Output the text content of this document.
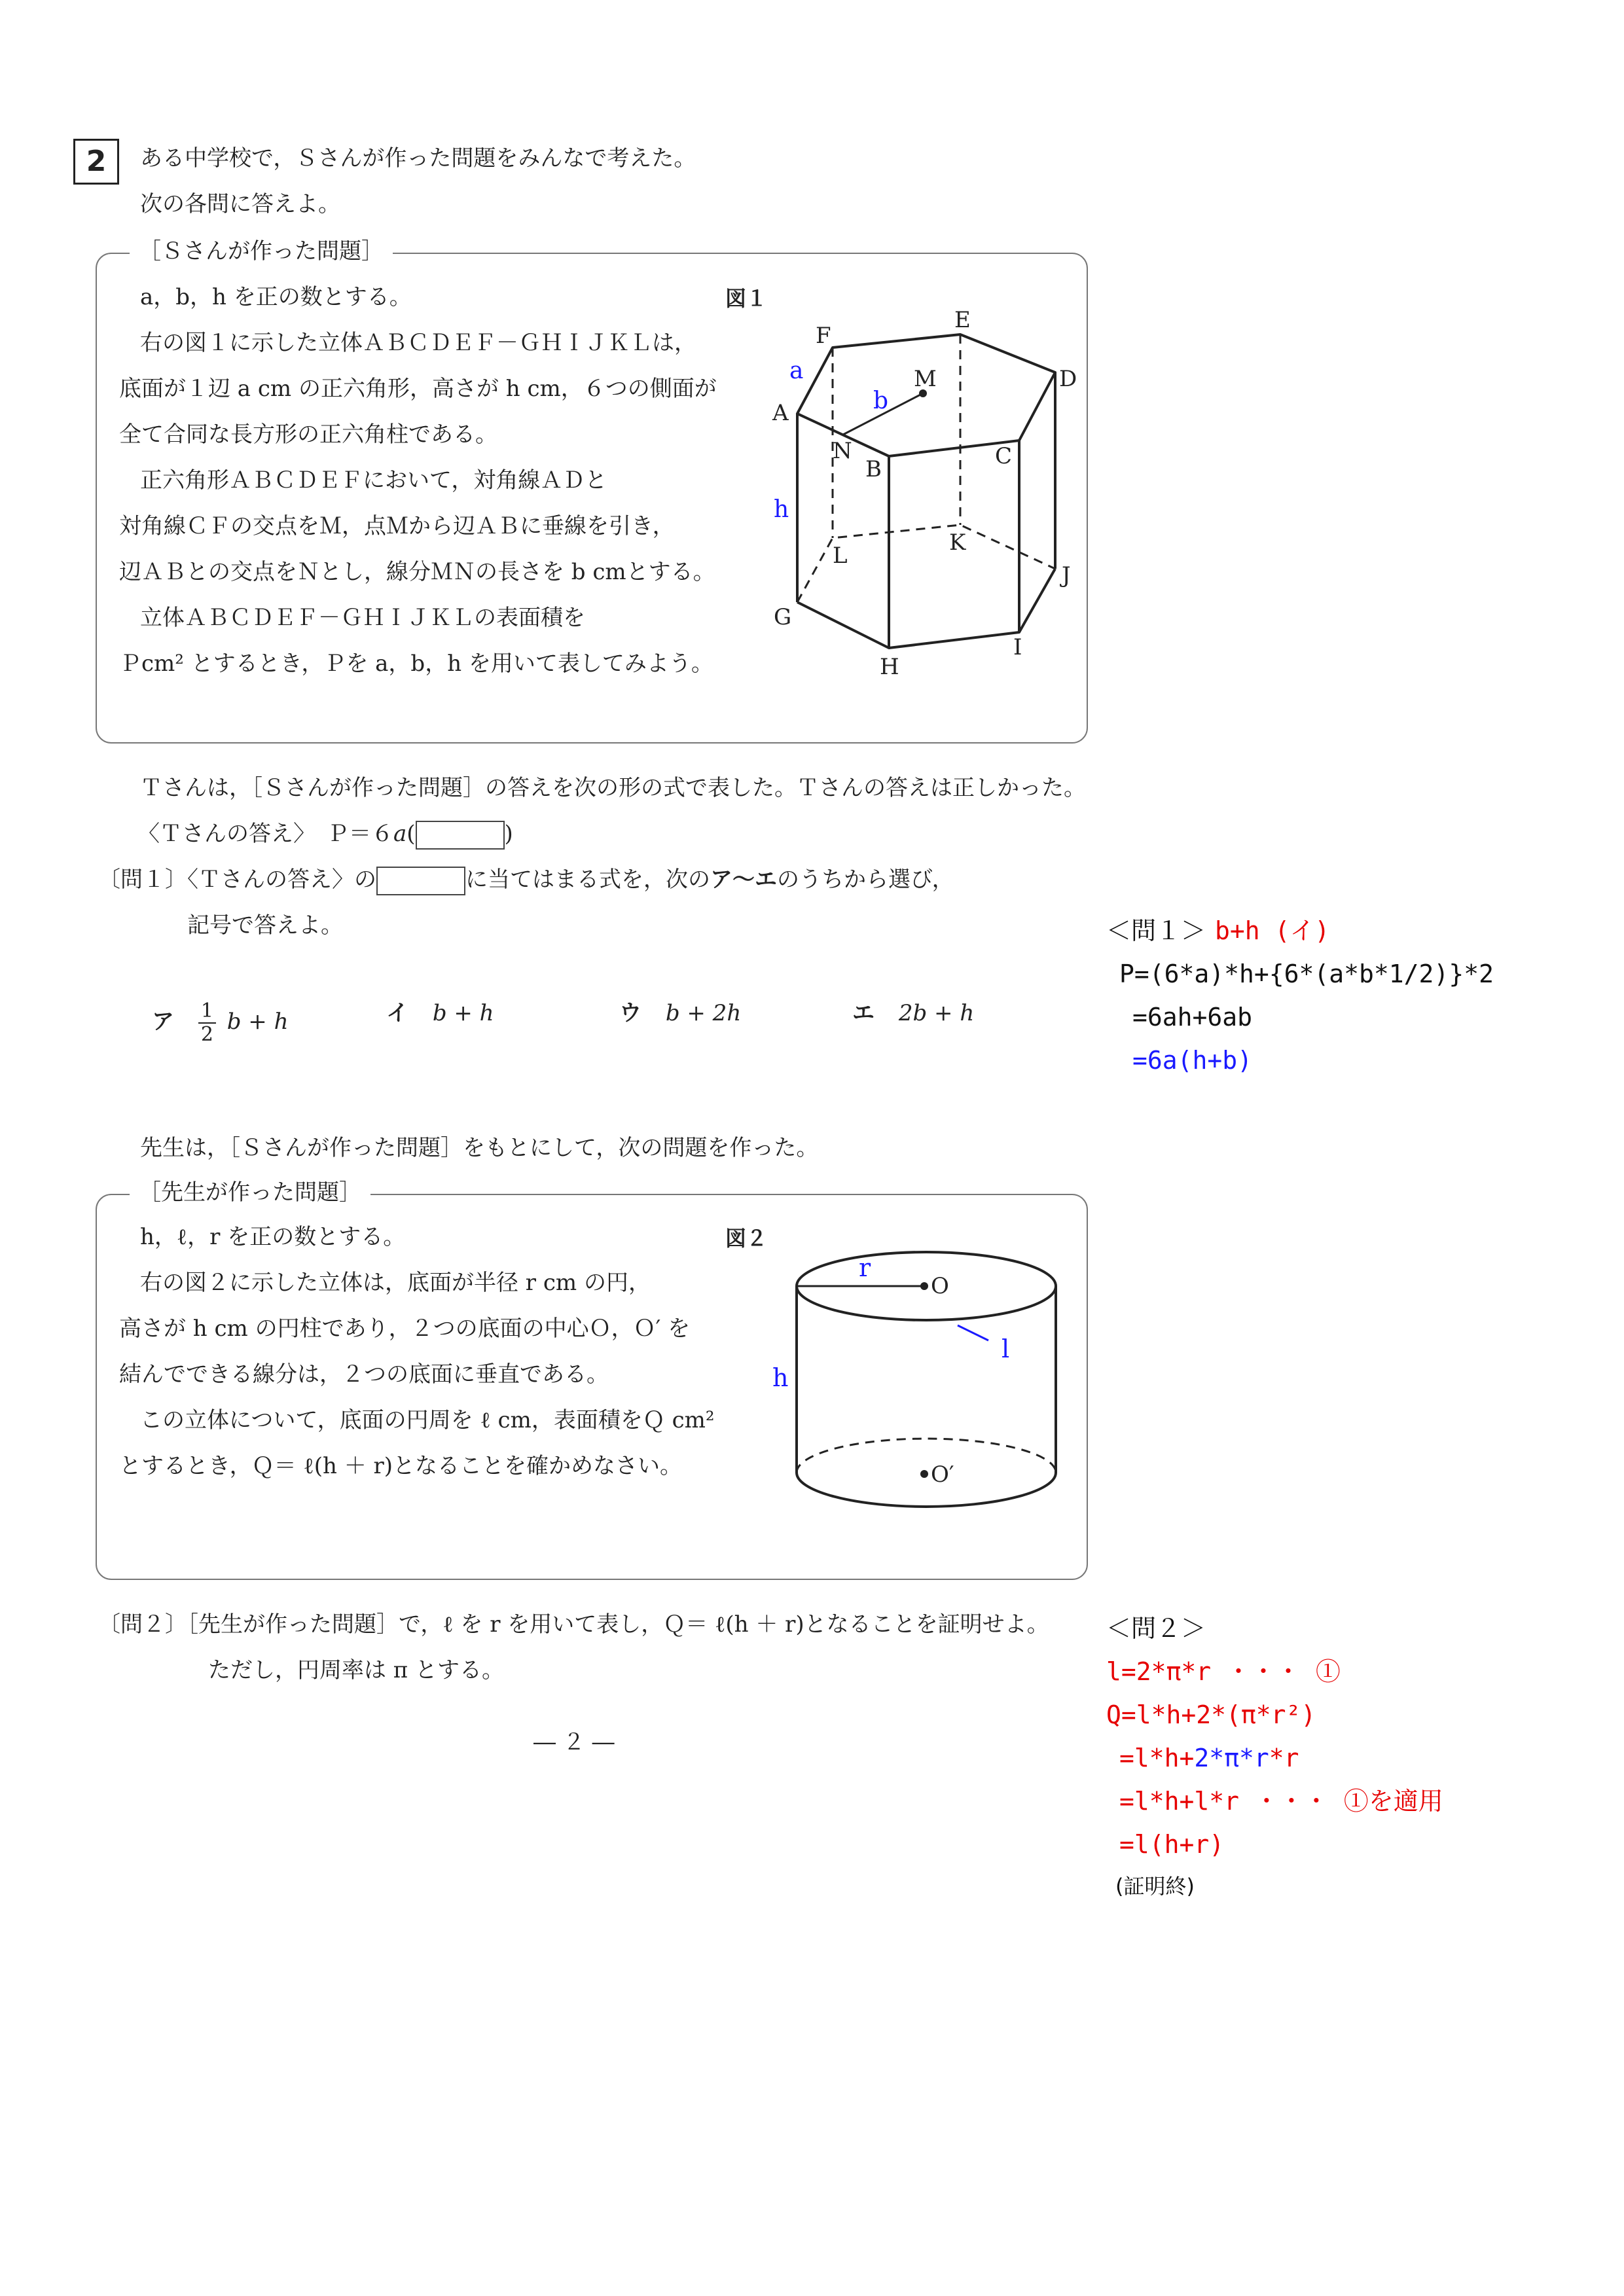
2	ある中学校で，Ｓさんが作った問題をみんなで考えた。
次の各問に答えよ。
［Ｓさんが作った問題］
a，b，h を正の数とする。
右の図１に示した立体ＡＢＣＤＥＦ－ＧＨＩＪＫＬは，
底面が１辺 a cm の正六角形，高さが h cm，６つの側面が
全て合同な長方形の正六角柱である。
正六角形ＡＢＣＤＥＦにおいて，対角線ＡＤと
対角線ＣＦの交点をＭ，点Ｍから辺ＡＢに垂線を引き，
辺ＡＢとの交点をＮとし，線分ＭＮの長さを b cmとする。
立体ＡＢＣＤＥＦ－ＧＨＩＪＫＬの表面積を
Ｐcm² とするとき，Ｐを a，b，h を用いて表してみよう。
図１
A
B	C
D
E
F
G
H
I
J
K
L
M
N
a
b
h
Ｔさんは，［Ｓさんが作った問題］の答えを次の形の式で表した。Ｔさんの答えは正しかった。
〈Ｔさんの答え〉　Ｐ＝６a(	)
〔問１〕〈Ｔさんの答え〉の	に当てはまる式を，次のア～エのうちから選び，
記号で答えよ。
ア $\frac{1}{2}$ b + h	イ b + h	ウ b + 2h	エ 2b + h
先生は，［Ｓさんが作った問題］をもとにして，次の問題を作った。
［先生が作った問題］
h，ℓ，r を正の数とする。
右の図２に示した立体は，底面が半径 r cm の円，
高さが h cm の円柱であり，２つの底面の中心Ｏ，Ｏ′ を
結んでできる線分は，２つの底面に垂直である。
この立体について，底面の円周を ℓ cm，表面積をＱ cm²
とするとき，Ｑ＝ ℓ(h ＋ r)となることを確かめなさい。
図２
O
O′
r
l
h
〔問２〕［先生が作った問題］で，ℓ を r を用いて表し，Ｑ＝ ℓ(h ＋ r)となることを証明せよ。
ただし，円周率は π とする。
― ２ ―
＜問１＞ b+h (イ)
P=(6*a)*h+{6*(a*b*1/2)}*2
=6ah+6ab
=6a(h+b)
＜問２＞
l=2*π*r ・・・ ①
Q=l*h+2*(π*r²)
=l*h+2*π*r*r
=l*h+l*r ・・・ ①を適用
=l(h+r)
(証明終)
